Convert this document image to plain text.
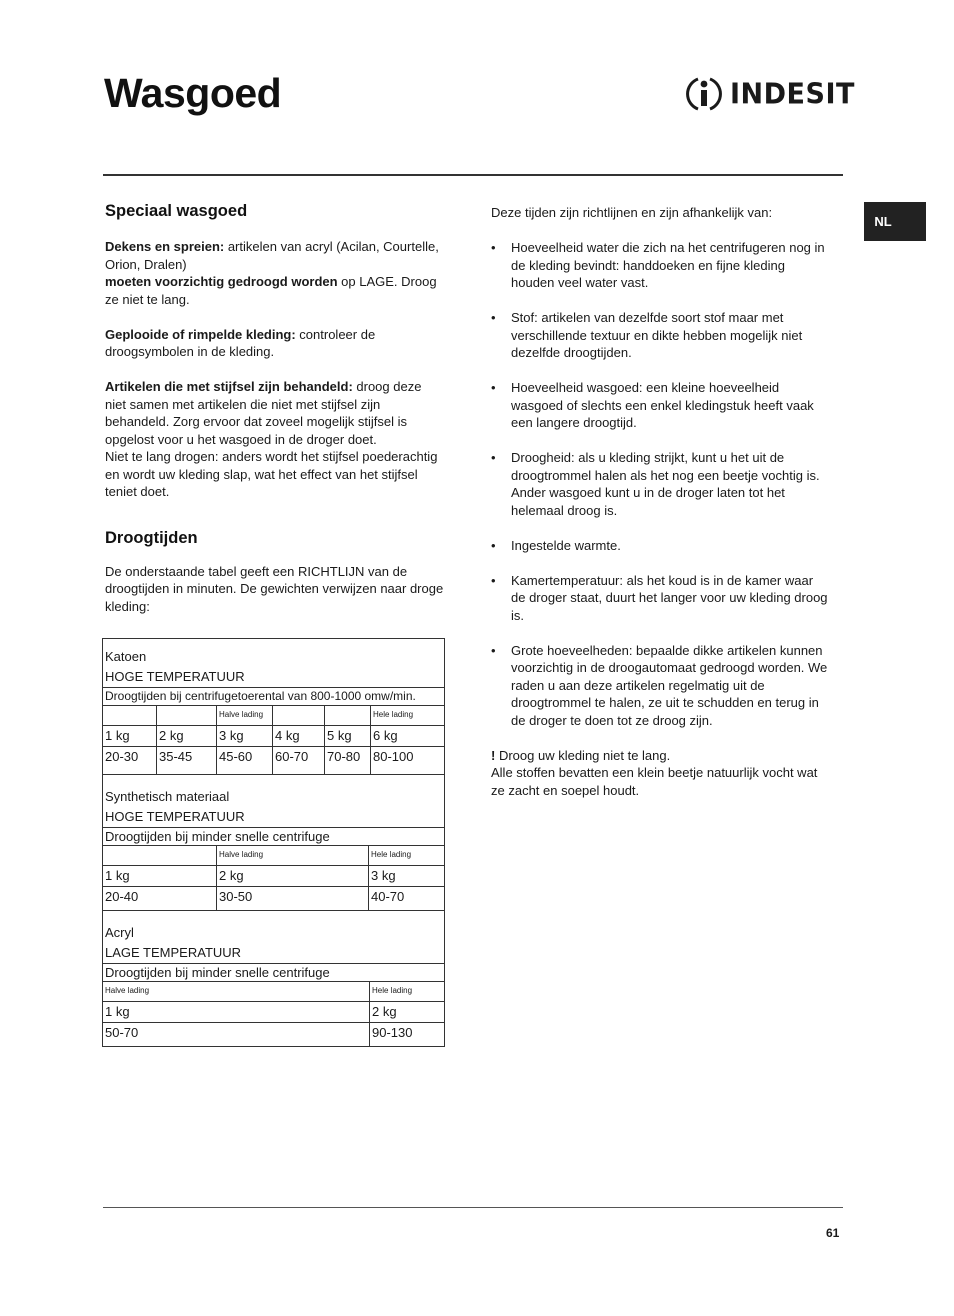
Wasgoed	INDESIT
NL
Speciaal wasgoed

Dekens en spreien: artikelen van acryl (Acilan, Courtelle, Orion, Dralen)

moeten voorzichtig gedroogd worden op LAGE. Droog ze niet te lang.

Geplooide of rimpelde kleding: controleer de droogsymbolen in de kleding.

Artikelen die met stijfsel zijn behandeld: droog deze niet samen met artikelen die niet met stijfsel zijn behandeld. Zorg ervoor dat zoveel mogelijk stijfsel is opgelost voor u het wasgoed in de droger doet.

Niet te lang drogen: anders wordt het stijfsel poederachtig en wordt uw kleding slap, wat het effect van het stijfsel teniet doet.

Droogtijden

De onderstaande tabel geeft een RICHTLIJN van de droogtijden in minuten. De gewichten verwijzen naar droge kleding:

Katoen					
HOGE TEMPERATUUR					
Droogtijden bij centrifugetoerental van 800-1000 omw/min.					
		Halve lading			Hele lading
1 kg	2 kg	3 kg	4 kg	5 kg	6 kg
20-30	35-45	45-60	60-70	70-80	80-100
Synthetisch materiaal		
HOGE TEMPERATUUR		
Droogtijden bij minder snelle centrifuge		
	Halve lading	Hele lading
1 kg	2 kg	3 kg
20-40	30-50	40-70
Acryl	
LAGE TEMPERATUUR	
Droogtijden bij minder snelle centrifuge	
Halve lading	Hele lading
1 kg	2 kg
50-70	90-130

Deze tijden zijn richtlijnen en zijn afhankelijk van:

• Hoeveelheid water die zich na het centrifugeren nog in de kleding bevindt: handdoeken en fijne kleding houden veel water vast.
• Stof: artikelen van dezelfde soort stof maar met verschillende textuur en dikte hebben mogelijk niet dezelfde droogtijden.
• Hoeveelheid wasgoed: een kleine hoeveelheid wasgoed of slechts een enkel kledingstuk heeft vaak een langere droogtijd.
• Droogheid: als u kleding strijkt, kunt u het uit de droogtrommel halen als het nog een beetje vochtig is. Ander wasgoed kunt u in de droger laten tot het helemaal droog is.
• Ingestelde warmte.
• Kamertemperatuur: als het koud is in de kamer waar de droger staat, duurt het langer voor uw kleding droog is.
• Grote hoeveelheden: bepaalde dikke artikelen kunnen voorzichtig in de droogautomaat gedroogd worden. We raden u aan deze artikelen regelmatig uit de droogtrommel te halen, ze uit te schudden en terug in de droger te doen tot ze droog zijn.

! Droog uw kleding niet te lang.

Alle stoffen bevatten een klein beetje natuurlijk vocht wat ze zacht en soepel houdt.

61
